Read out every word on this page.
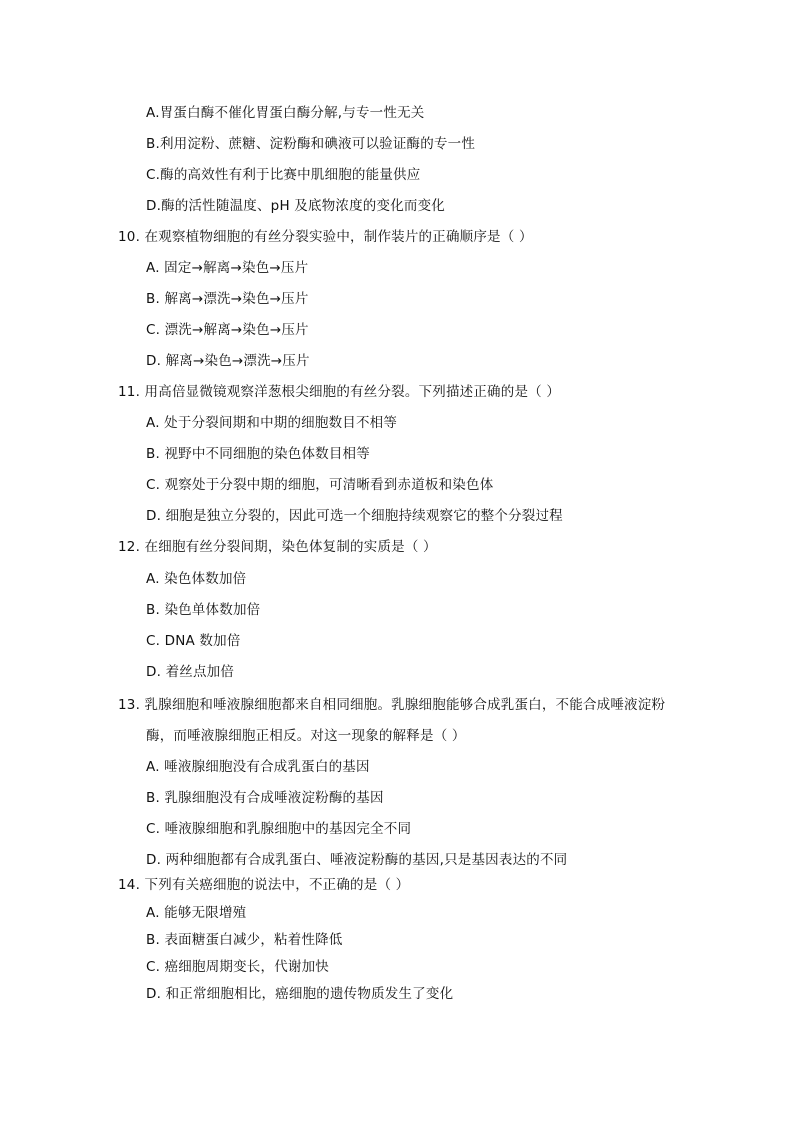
A.胃蛋白酶不催化胃蛋白酶分解,与专一性无关
B.利用淀粉、蔗糖、淀粉酶和碘液可以验证酶的专一性
C.酶的高效性有利于比赛中肌细胞的能量供应
D.酶的活性随温度、pH 及底物浓度的变化而变化
10. 在观察植物细胞的有丝分裂实验中，制作装片的正确顺序是（ ）
A. 固定→解离→染色→压片
B. 解离→漂洗→染色→压片
C. 漂洗→解离→染色→压片
D. 解离→染色→漂洗→压片
11. 用高倍显微镜观察洋葱根尖细胞的有丝分裂。下列描述正确的是（ ）
A. 处于分裂间期和中期的细胞数目不相等
B. 视野中不同细胞的染色体数目相等
C. 观察处于分裂中期的细胞，可清晰看到赤道板和染色体
D. 细胞是独立分裂的，因此可选一个细胞持续观察它的整个分裂过程
12. 在细胞有丝分裂间期，染色体复制的实质是（ ）
A. 染色体数加倍
B. 染色单体数加倍
C. DNA 数加倍
D. 着丝点加倍
13. 乳腺细胞和唾液腺细胞都来自相同细胞。乳腺细胞能够合成乳蛋白，不能合成唾液淀粉
酶，而唾液腺细胞正相反。对这一现象的解释是（ ）
A. 唾液腺细胞没有合成乳蛋白的基因
B. 乳腺细胞没有合成唾液淀粉酶的基因
C. 唾液腺细胞和乳腺细胞中的基因完全不同
D. 两种细胞都有合成乳蛋白、唾液淀粉酶的基因,只是基因表达的不同
14. 下列有关癌细胞的说法中，不正确的是（ ）
A. 能够无限增殖
B. 表面糖蛋白减少，粘着性降低
C. 癌细胞周期变长，代谢加快
D. 和正常细胞相比，癌细胞的遗传物质发生了变化
